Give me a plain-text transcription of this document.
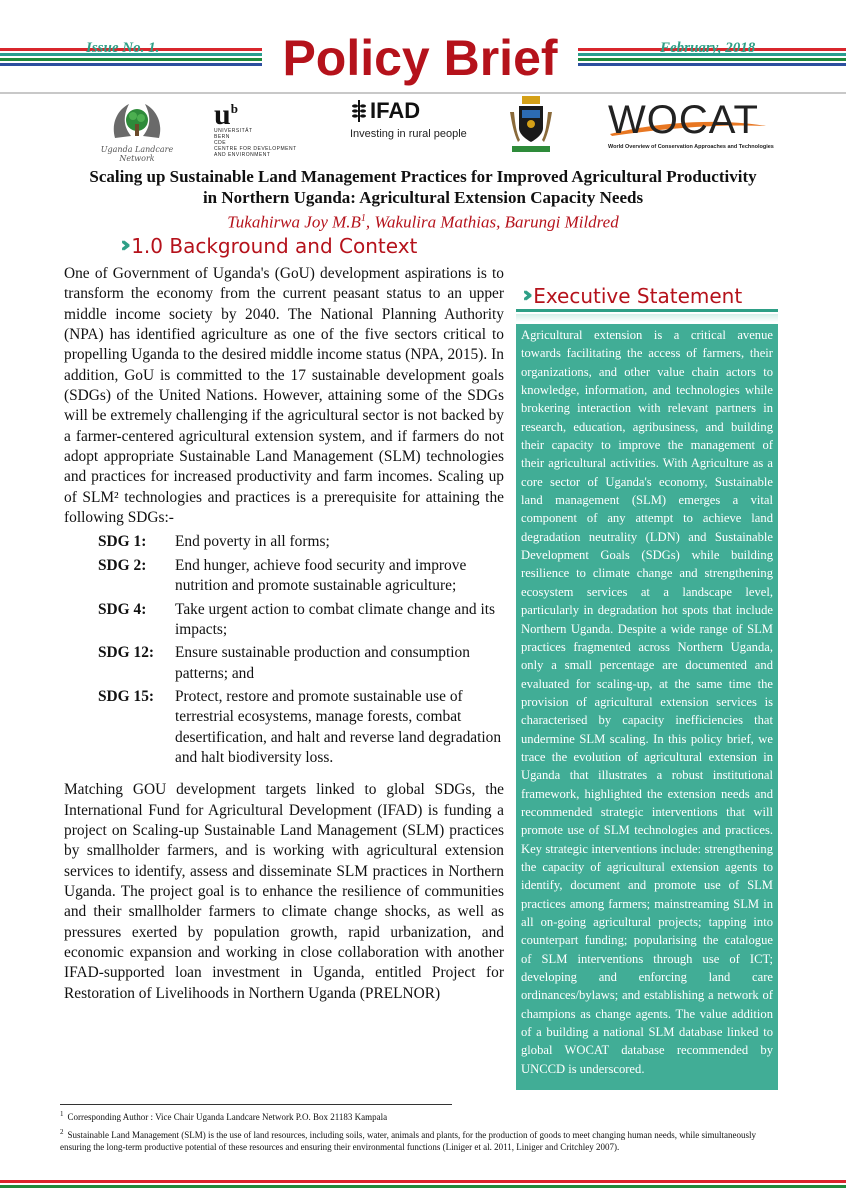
Issue No. 1.	Policy Brief	February, 2018
Uganda Landcare Network
$u^b$
UNIVERSITÄT
BERN
CDE
CENTRE FOR DEVELOPMENT
AND ENVIRONMENT
IFAD
Investing in rural people	WOCAT
World Overview of Conservation Approaches and Technologies
Scaling up Sustainable Land Management Practices for Improved Agricultural Productivity
in Northern Uganda: Agricultural Extension Capacity Needs
Tukahirwa Joy $M.B^1$, Wakulira Mathias, Barungi Mildred
››› 1.0 Background and Context

One of Government of Uganda's (GoU) development aspirations is to transform the economy from the current peasant status to an upper middle income society by 2040. The National Planning Authority (NPA) has identified agriculture as one of the five sectors critical to propelling Uganda to the desired middle income status (NPA, 2015). In addition, GoU is committed to the 17 sustainable development goals (SDGs) of the United Nations. However, attaining some of the SDGs will be extremely challenging if the agricultural sector is not backed by a farmer-centered agricultural extension system, and if farmers do not adopt appropriate Sustainable Land Management (SLM) technologies and practices for increased productivity and farm incomes. Scaling up of SLM² technologies and practices is a prerequisite for attaining the following SDGs:-

SDG 1:	End poverty in all forms;
SDG 2:	End hunger, achieve food security and improve nutrition and promote sustainable agriculture;
SDG 4:	Take urgent action to combat climate change and its impacts;
SDG 12:	Ensure sustainable production and consumption patterns; and
SDG 15:	Protect, restore and promote sustainable use of terrestrial ecosystems, manage forests, combat desertification, and halt and reverse land degradation and halt biodiversity loss.

Matching GOU development targets linked to global SDGs, the International Fund for Agricultural Development (IFAD) is funding a project on Scaling-up Sustainable Land Management (SLM) practices by smallholder farmers, and is working with agricultural extension services to identify, assess and disseminate SLM practices in Northern Uganda. The project goal is to enhance the resilience of communities and their smallholder farmers to climate change shocks, as well as pressures exerted by population growth, rapid urbanization, and economic expansion and working in close collaboration with another IFAD-supported loan investment in Uganda, entitled Project for Restoration of Livelihoods in Northern Uganda (PRELNOR)

››› Executive Statement
Agricultural extension is a critical avenue towards facilitating the access of farmers, their organizations, and other value chain actors to knowledge, information, and technologies while brokering interaction with relevant partners in research, education, agribusiness, and building their capacity to improve the management of their agricultural activities. With Agriculture as a core sector of Uganda's economy, Sustainable land management (SLM) emerges a vital component of any attempt to achieve land degradation neutrality (LDN) and Sustainable Development Goals (SDGs) while building resilience to climate change and strengthening ecosystem services at a landscape level, particularly in degradation hot spots that include Northern Uganda. Despite a wide range of SLM practices fragmented across Northern Uganda, only a small percentage are documented and evaluated for scaling-up, at the same time the provision of agricultural extension services is characterised by capacity inefficiencies that undermine SLM scaling. In this policy brief, we trace the evolution of agricultural extension in Uganda that illustrates a robust institutional framework, highlighted the extension needs and recommended strategic interventions that will promote use of SLM technologies and practices. Key strategic interventions include: strengthening the capacity of agricultural extension agents to identify, document and promote use of SLM practices among farmers; mainstreaming SLM in all on-going agricultural projects; tapping into counterpart funding; popularising the catalogue of SLM interventions through use of ICT; developing and enforcing land care ordinances/bylaws; and establishing a network of champions as change agents. The value addition of a building a national SLM database linked to global WOCAT database recommended by UNCCD is underscored.
$^1$ Corresponding Author : Vice Chair Uganda Landcare Network P.O. Box 21183 Kampala
$^2$ Sustainable Land Management (SLM) is the use of land resources, including soils, water, animals and plants, for the production of goods to meet changing human needs, while simultaneously ensuring the long-term productive potential of these resources and ensuring their environmental functions (Liniger et al. 2011, Liniger and Critchley 2007).
